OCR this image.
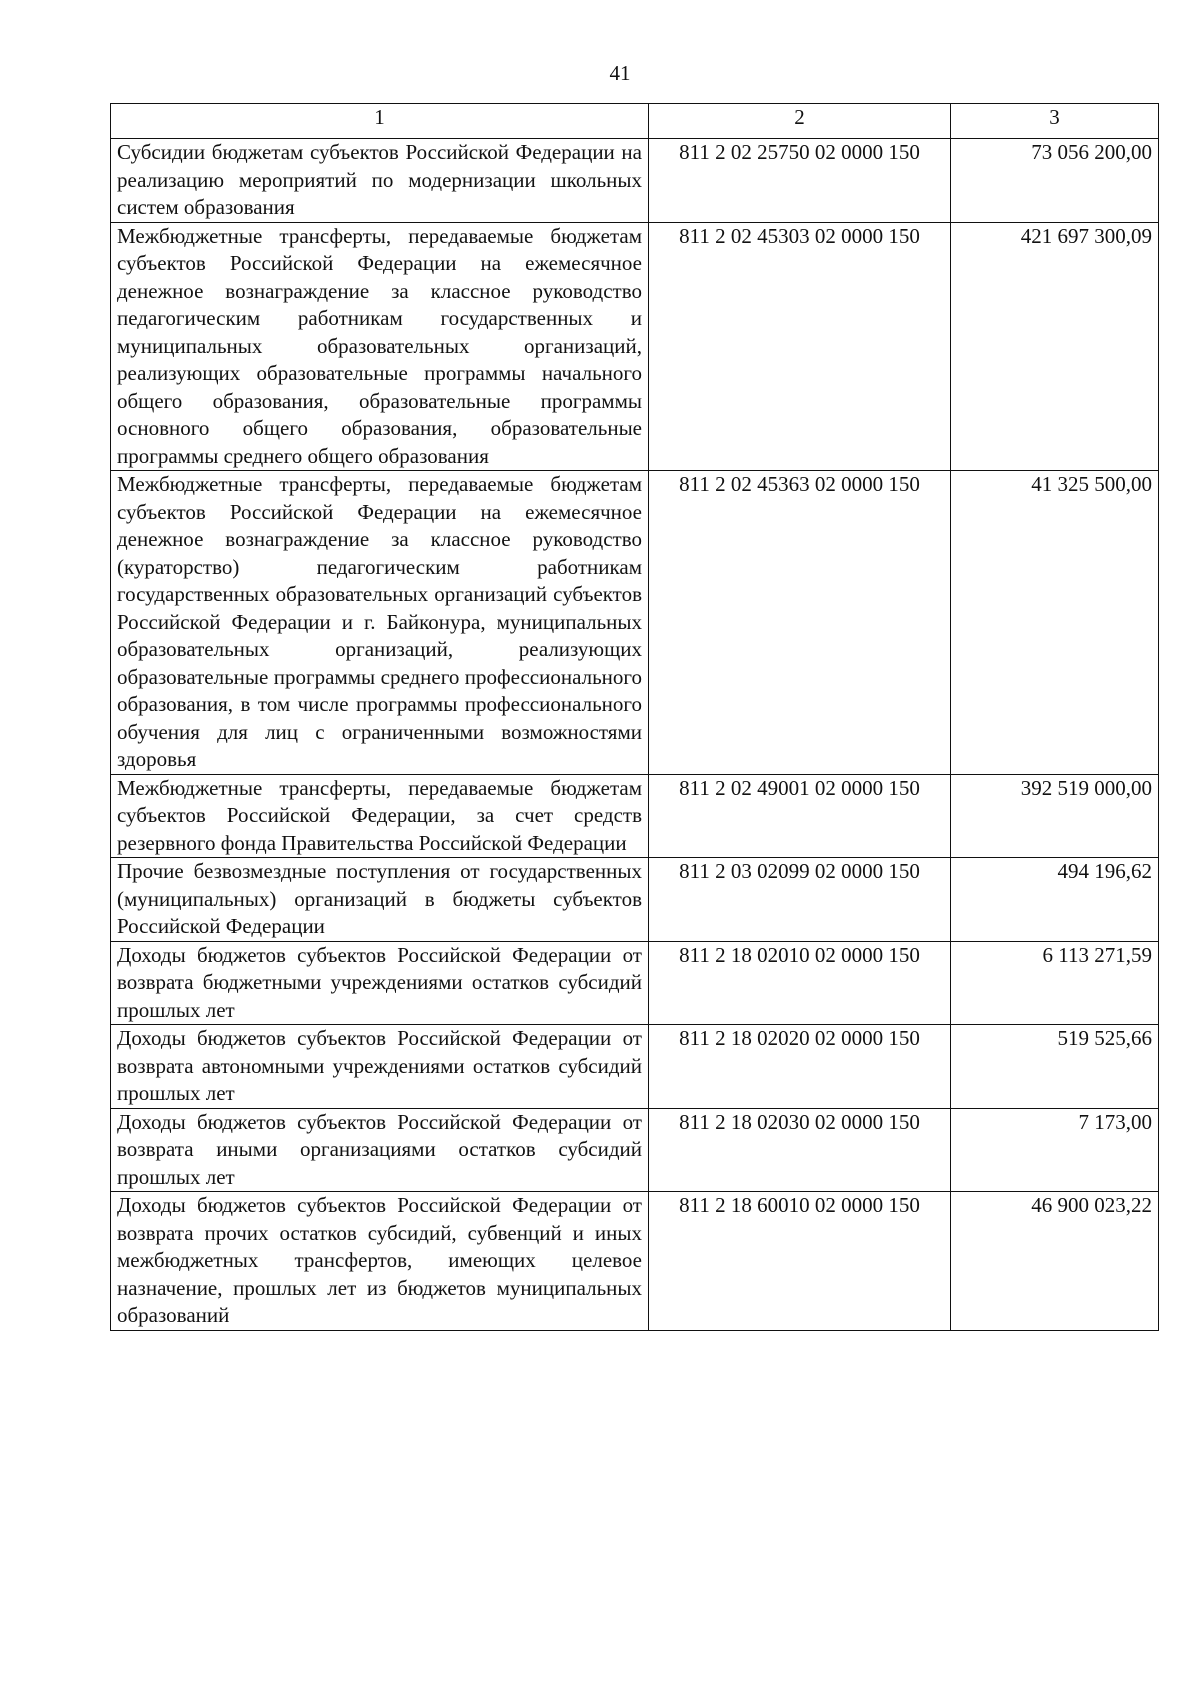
41
1	2	3
Субсидии бюджетам субъектов Российской Федерации на реализацию мероприятий по модернизации школьных систем образования	811 2 02 25750 02 0000 150	73 056 200,00
Межбюджетные трансферты, передаваемые бюджетам субъектов Российской Федерации на ежемесячное денежное вознаграждение за классное руководство педагогическим работникам государственных и муниципальных образовательных организаций, реализующих образовательные программы начального общего образования, образовательные программы основного общего образования, образовательные программы среднего общего образования	811 2 02 45303 02 0000 150	421 697 300,09
Межбюджетные трансферты, передаваемые бюджетам субъектов Российской Федерации на ежемесячное денежное вознаграждение за классное руководство (кураторство) педагогическим работникам государственных образовательных организаций субъектов Российской Федерации и г. Байконура, муниципальных образовательных организаций, реализующих образовательные программы среднего профессионального образования, в том числе программы профессионального обучения для лиц с ограниченными возможностями здоровья	811 2 02 45363 02 0000 150	41 325 500,00
Межбюджетные трансферты, передаваемые бюджетам субъектов Российской Федерации, за счет средств резервного фонда Правительства Российской Федерации	811 2 02 49001 02 0000 150	392 519 000,00
Прочие безвозмездные поступления от государственных (муниципальных) организаций в бюджеты субъектов Российской Федерации	811 2 03 02099 02 0000 150	494 196,62
Доходы бюджетов субъектов Российской Федерации от возврата бюджетными учреждениями остатков субсидий прошлых лет	811 2 18 02010 02 0000 150	6 113 271,59
Доходы бюджетов субъектов Российской Федерации от возврата автономными учреждениями остатков субсидий прошлых лет	811 2 18 02020 02 0000 150	519 525,66
Доходы бюджетов субъектов Российской Федерации от возврата иными организациями остатков субсидий прошлых лет	811 2 18 02030 02 0000 150	7 173,00
Доходы бюджетов субъектов Российской Федерации от возврата прочих остатков субсидий, субвенций и иных межбюджетных трансфертов, имеющих целевое назначение, прошлых лет из бюджетов муниципальных образований	811 2 18 60010 02 0000 150	46 900 023,22
